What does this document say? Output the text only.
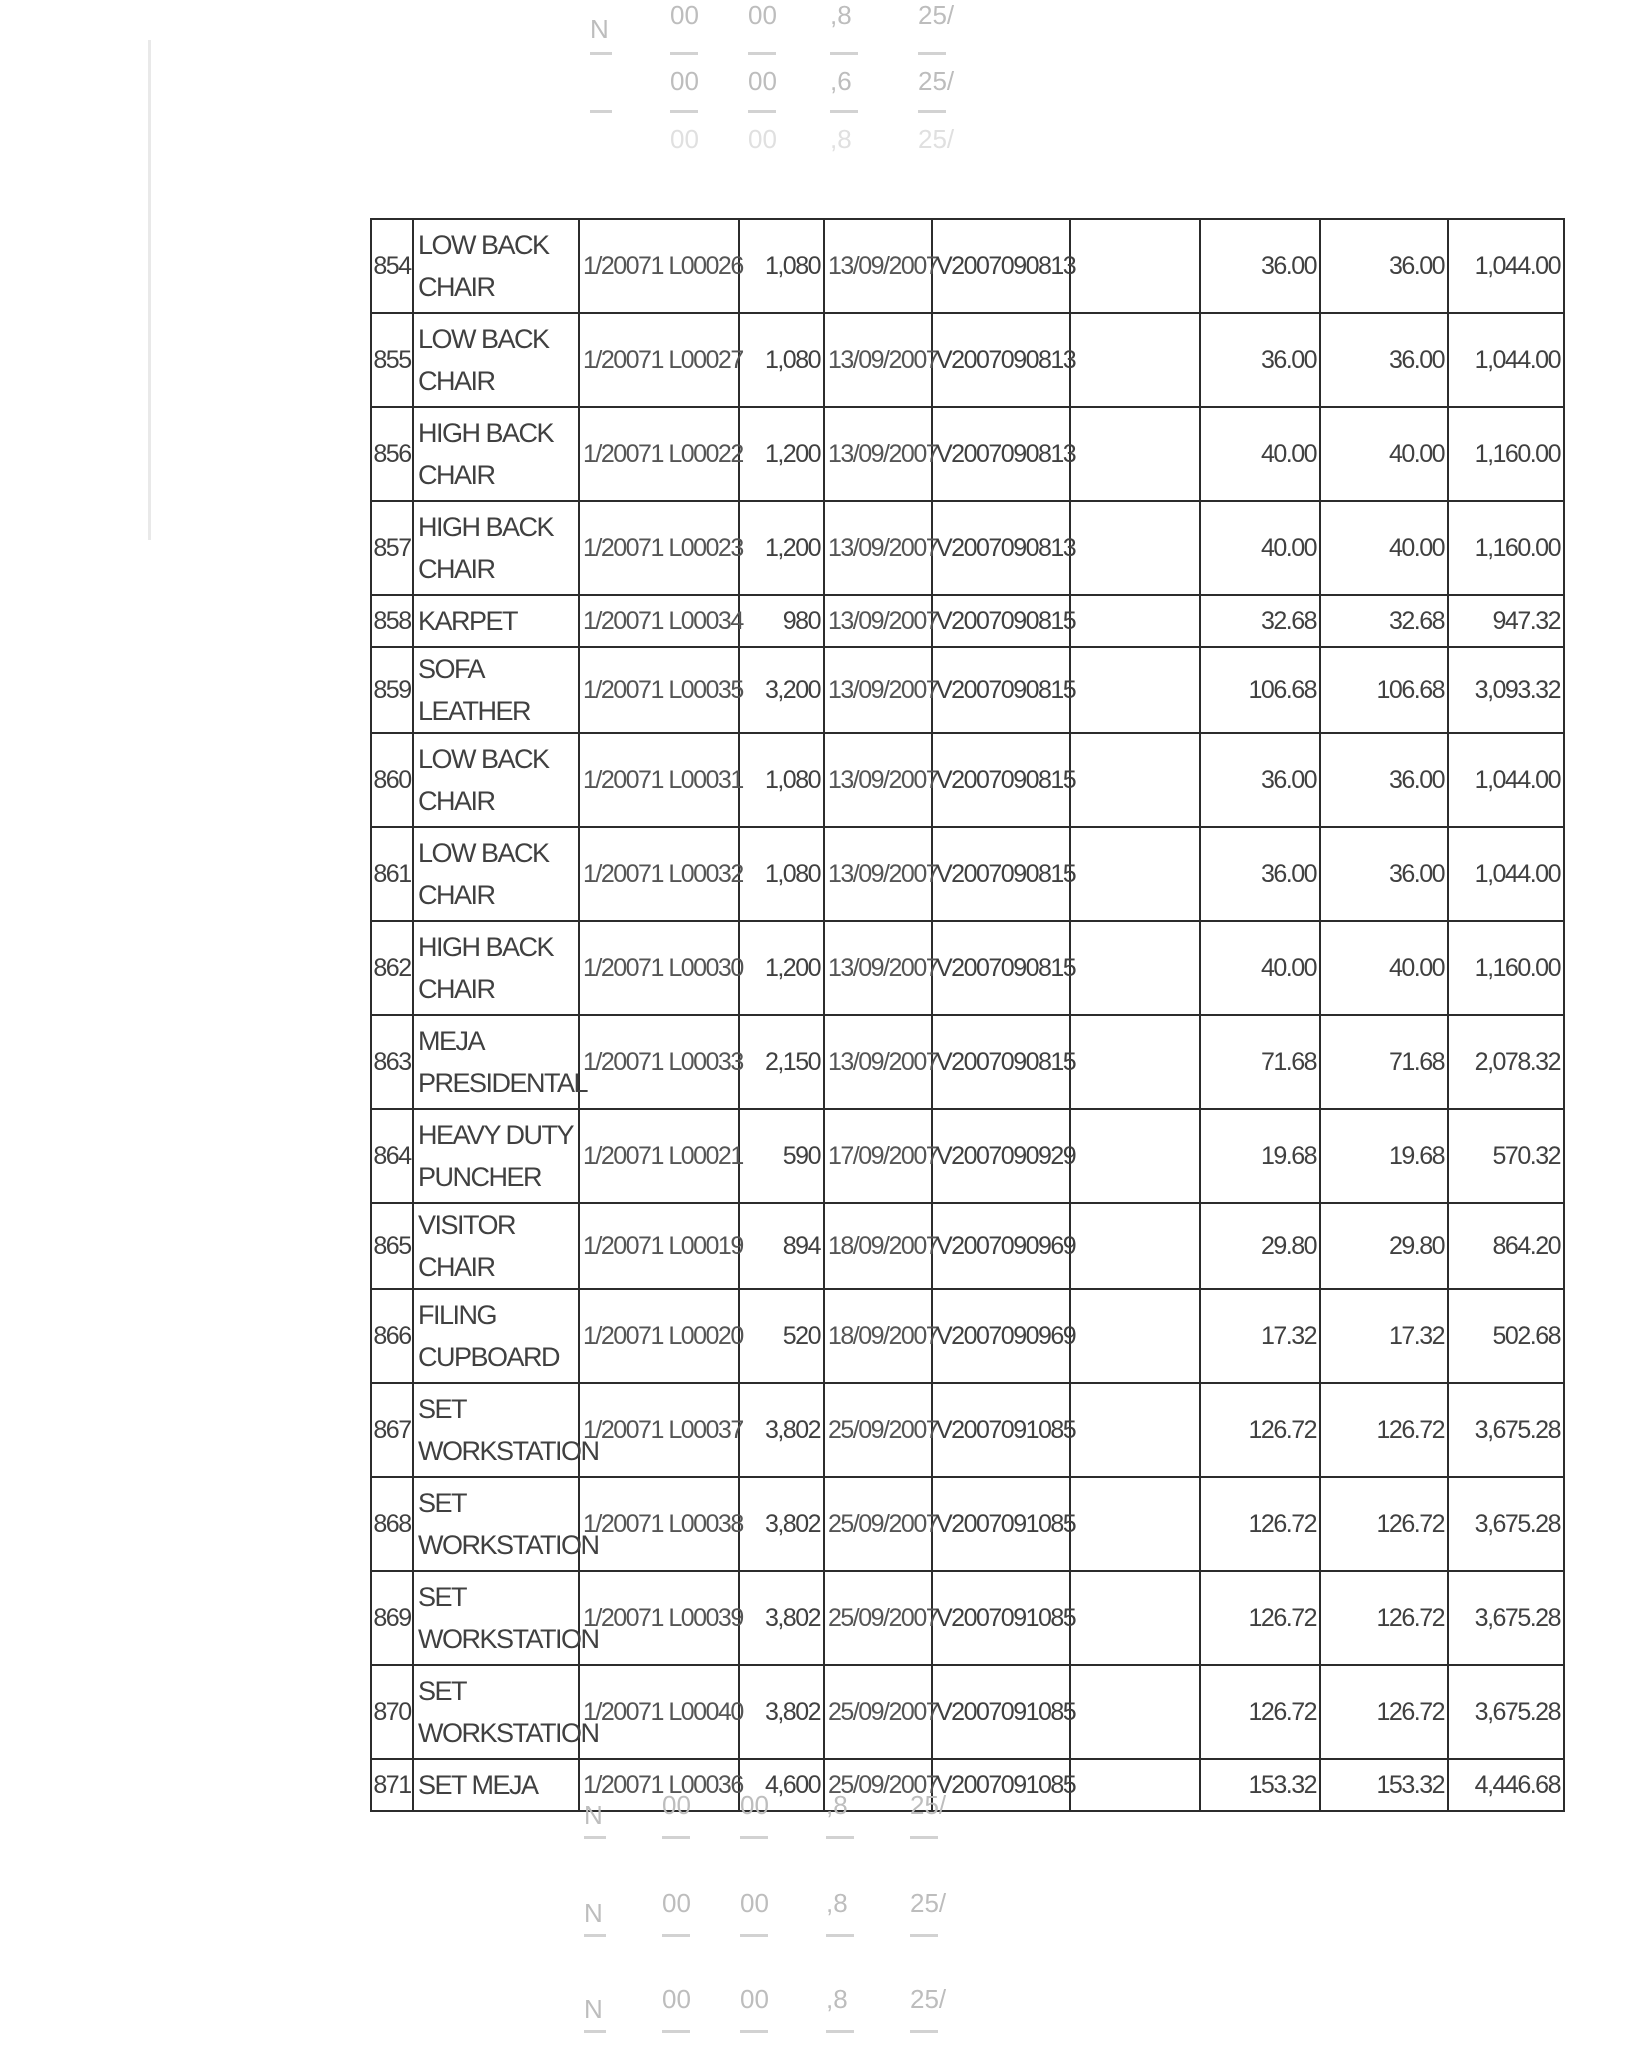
N 00 00 ,8	25/
00 00 ,6	25/
00 00 ,8	25/
854	LOW BACK CHAIR	1/20071 L00026	1,080	13/09/2007	V2007090813		36.00	36.00	1,044.00
855	LOW BACK CHAIR	1/20071 L00027	1,080	13/09/2007	V2007090813		36.00	36.00	1,044.00
856	HIGH BACK CHAIR	1/20071 L00022	1,200	13/09/2007	V2007090813		40.00	40.00	1,160.00
857	HIGH BACK CHAIR	1/20071 L00023	1,200	13/09/2007	V2007090813		40.00	40.00	1,160.00
858	KARPET	1/20071 L00034	980	13/09/2007	V2007090815		32.68	32.68	947.32
859	SOFA LEATHER	1/20071 L00035	3,200	13/09/2007	V2007090815		106.68	106.68	3,093.32
860	LOW BACK CHAIR	1/20071 L00031	1,080	13/09/2007	V2007090815		36.00	36.00	1,044.00
861	LOW BACK CHAIR	1/20071 L00032	1,080	13/09/2007	V2007090815		36.00	36.00	1,044.00
862	HIGH BACK CHAIR	1/20071 L00030	1,200	13/09/2007	V2007090815		40.00	40.00	1,160.00
863	MEJA PRESIDENTAL	1/20071 L00033	2,150	13/09/2007	V2007090815		71.68	71.68	2,078.32
864	HEAVY DUTY PUNCHER	1/20071 L00021	590	17/09/2007	V2007090929		19.68	19.68	570.32
865	VISITOR CHAIR	1/20071 L00019	894	18/09/2007	V2007090969		29.80	29.80	864.20
866	FILING CUPBOARD	1/20071 L00020	520	18/09/2007	V2007090969		17.32	17.32	502.68
867	SET WORKSTATION	1/20071 L00037	3,802	25/09/2007	V2007091085		126.72	126.72	3,675.28
868	SET WORKSTATION	1/20071 L00038	3,802	25/09/2007	V2007091085		126.72	126.72	3,675.28
869	SET WORKSTATION	1/20071 L00039	3,802	25/09/2007	V2007091085		126.72	126.72	3,675.28
870	SET WORKSTATION	1/20071 L00040	3,802	25/09/2007	V2007091085		126.72	126.72	3,675.28
871	SET MEJA	1/20071 L00036	4,600	25/09/2007	V2007091085		153.32	153.32	4,446.68
N 00 00 ,8 25/
N 00 00 ,8 25/
N 00 00 ,8 25/
